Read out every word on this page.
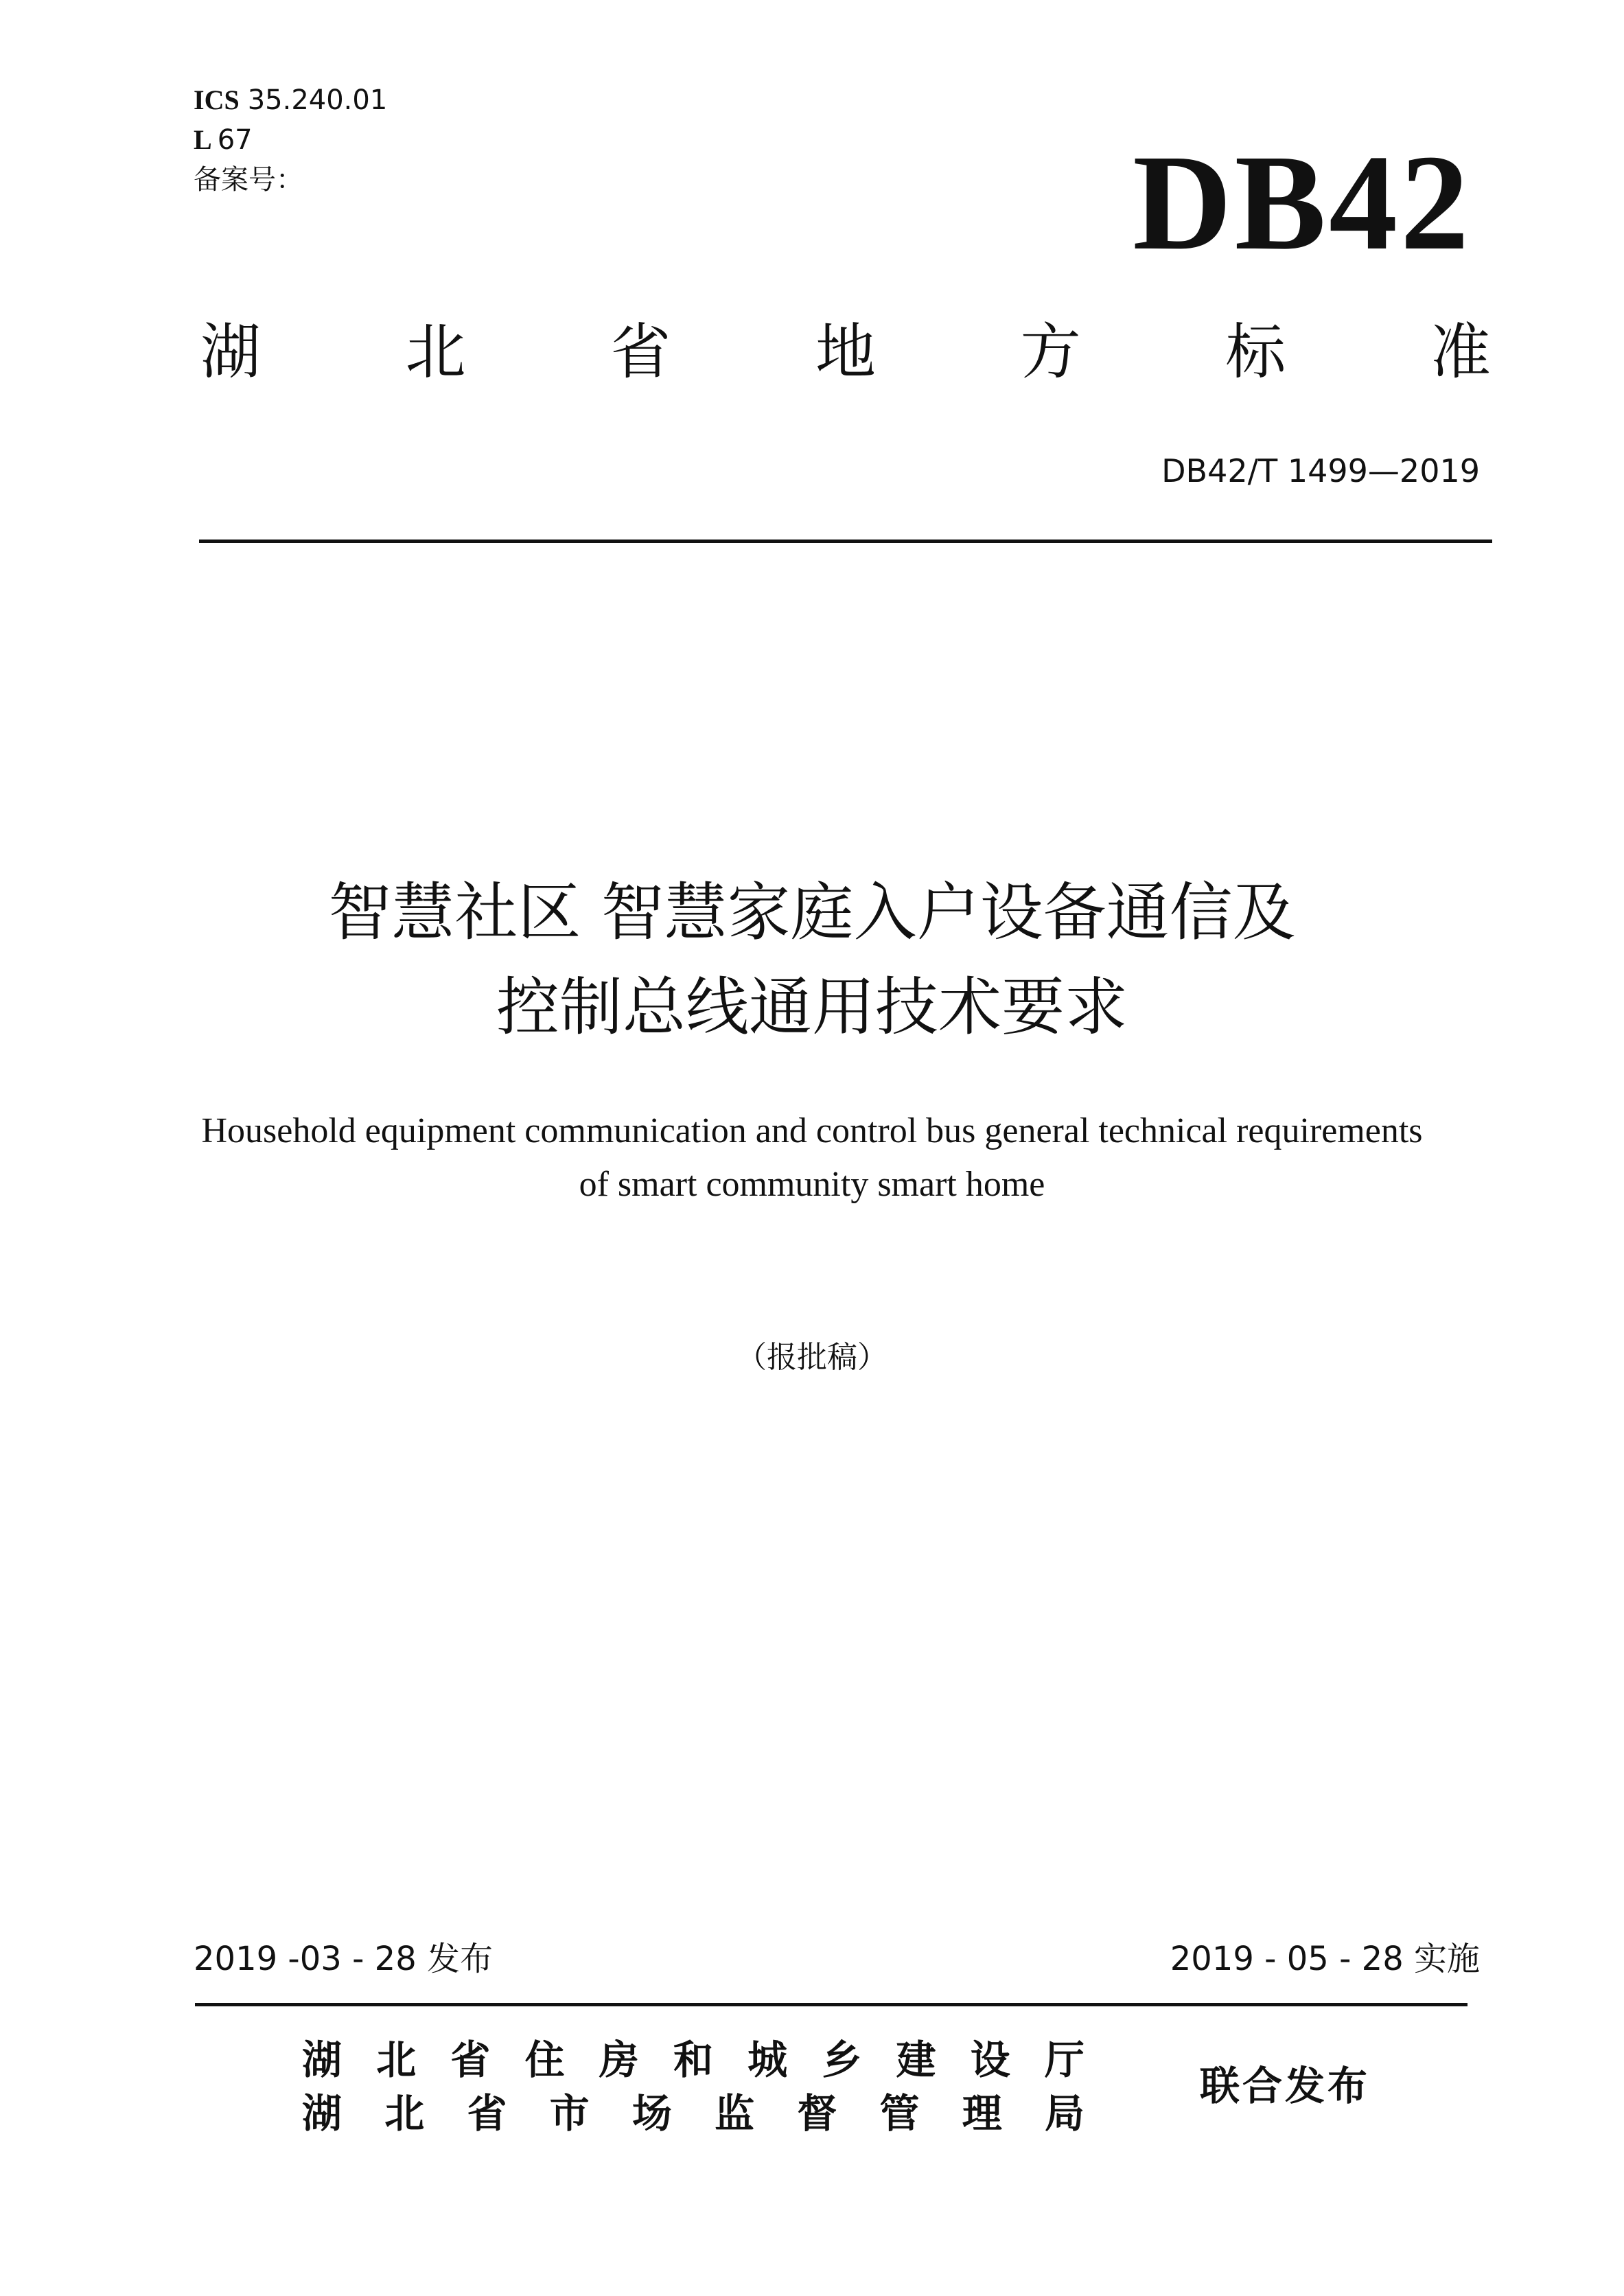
ICS 35.240.01
L 67
备案号：	DB42
湖 北 省 地 方 标 准
DB42/T 1499—2019
智慧社区 智慧家庭入户设备通信及
控制总线通用技术要求
Household equipment communication and control bus general technical requirements
of smart community smart home
（报批稿）
2019 -03 - 28 发布	2019 - 05 - 28 实施
湖 北 省 住 房 和 城 乡 建 设 厅
湖 北 省 市 场 监 督 管 理 局
联合发布
